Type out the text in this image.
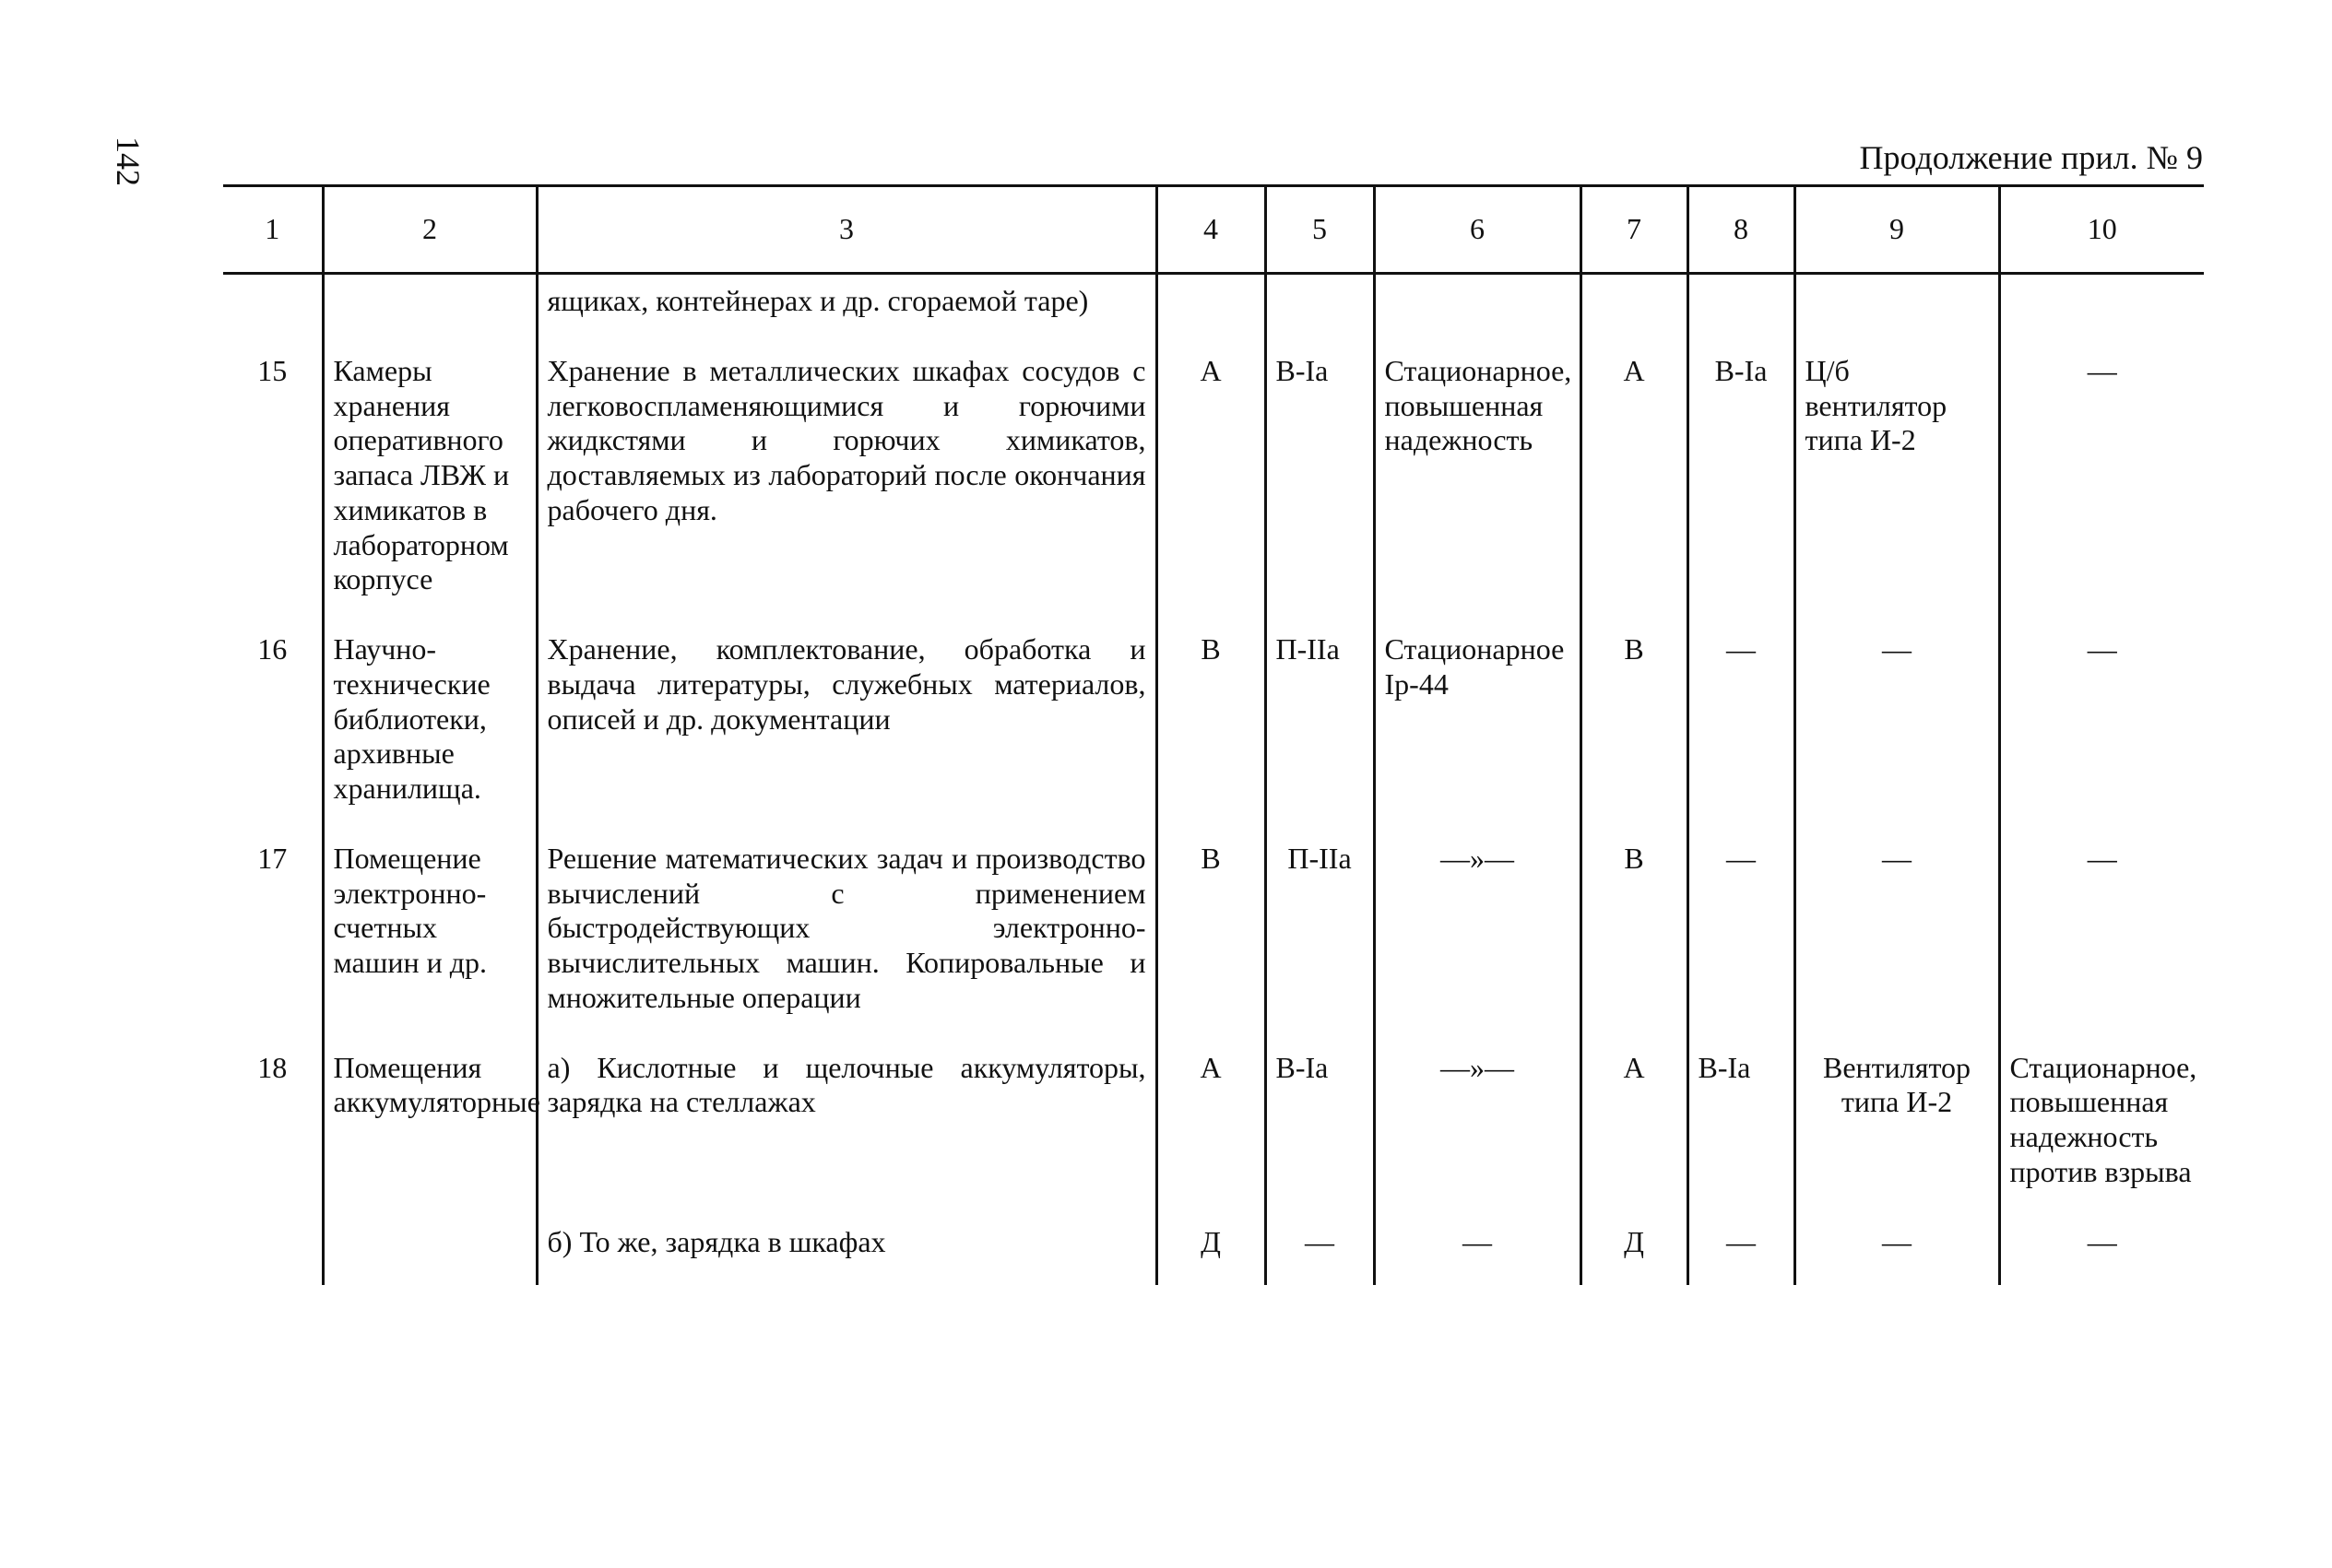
142	Продолжение прил. № 9
1	2	3	4	5	6	7	8	9	10
		ящиках, контейнерах и др. сгораемой таре)							
15	Камеры хранения оперативного запаса ЛВЖ и химикатов в лабораторном корпусе	Хранение в металлических шкафах сосудов с легковоспламеняющимися и горючими жидкстями и горючих химикатов, доставляемых из лабораторий после окончания рабочего дня.	А	В-Ia	Стационарное, повышенная надежность	А	В-Ia	Ц/б вентилятор типа И-2	—
16	Научно-технические библиотеки, архивные хранилища.	Хранение, комплектование, обработка и выдача литературы, служебных материалов, описей и др. документации	В	П-IIа	Стационарное Iр-44	В	—	—	—
17	Помещение электронно-счетных машин и др.	Решение математических задач и производство вычислений с применением быстродействующих электронно-вычислительных машин. Копировальные и множительные операции	В	П-IIа	—»—	В	—	—	—
18	Помещения аккумуляторные	а) Кислотные и щелочные аккумуляторы, зарядка на стеллажах	А	В-Ia	—»—	А	В-Ia	Вентилятор типа И-2	Стационарное, повышенная надежность против взрыва
		б) То же, зарядка в шкафах	Д	—	—	Д	—	—	—
